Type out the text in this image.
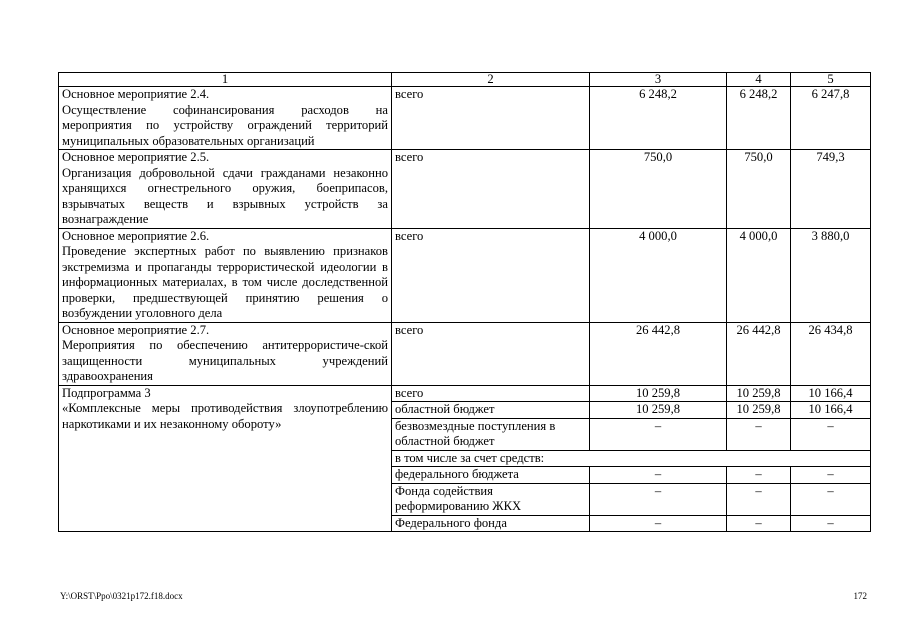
1	2	3	4	5

Основное мероприятие 2.4.
Осуществление софинансирования расходов на мероприятия по устройству ограждений территорий муниципальных образовательных организаций	всего	6 248,2	6 248,2	6 247,8

Основное мероприятие 2.5.
Организация добровольной сдачи гражданами незаконно хранящихся огнестрельного оружия, боеприпасов, взрывчатых веществ и взрывных устройств за вознаграждение	всего	750,0	750,0	749,3

Основное мероприятие 2.6.
Проведение экспертных работ по выявлению признаков экстремизма и пропаганды террористической идеологии в информационных материалах, в том числе доследственной проверки, предшествующей принятию решения о возбуждении уголовного дела	всего	4 000,0	4 000,0	3 880,0

Основное мероприятие 2.7.
Мероприятия по обеспечению антитеррористиче-ской защищенности муниципальных учреждений здравоохранения	всего	26 442,8	26 442,8	26 434,8

Подпрограмма 3
«Комплексные меры противодействия злоупотреблению наркотиками и их незаконному обороту»	всего	10 259,8	10 259,8	10 166,4
	областной бюджет	10 259,8	10 259,8	10 166,4
	безвозмездные поступления в областной бюджет	–	–	–
	в том числе за счет средств:			
	федерального бюджета	–	–	–
	Фонда содействия реформированию ЖКХ	–	–	–
	Федерального фонда	–	–	–
Y:\ORST\Ppo\0321p172.f18.docx	172
